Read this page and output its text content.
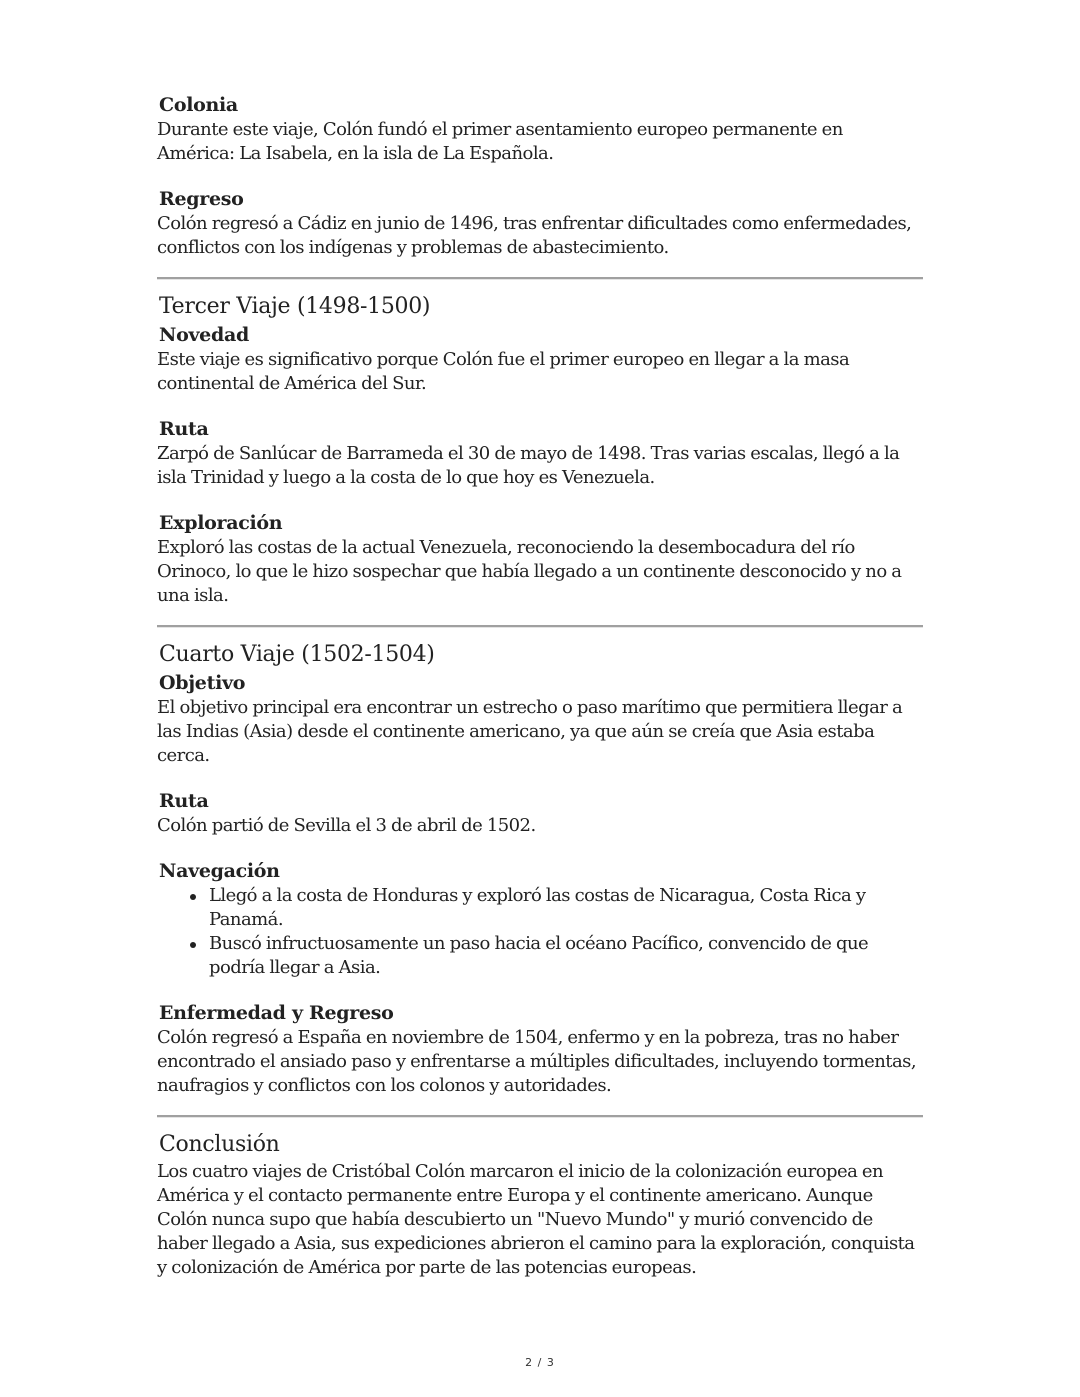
Colonia

Durante este viaje, Colón fundó el primer asentamiento europeo permanente en América: La Isabela, en la isla de La Española.

Regreso

Colón regresó a Cádiz en junio de 1496, tras enfrentar dificultades como enfermedades, conflictos con los indígenas y problemas de abastecimiento.

Tercer Viaje (1498-1500)
Novedad

Este viaje es significativo porque Colón fue el primer europeo en llegar a la masa continental de América del Sur.

Ruta

Zarpó de Sanlúcar de Barrameda el 30 de mayo de 1498. Tras varias escalas, llegó a la isla Trinidad y luego a la costa de lo que hoy es Venezuela.

Exploración

Exploró las costas de la actual Venezuela, reconociendo la desembocadura del río Orinoco, lo que le hizo sospechar que había llegado a un continente desconocido y no a una isla.

Cuarto Viaje (1502-1504)
Objetivo

El objetivo principal era encontrar un estrecho o paso marítimo que permitiera llegar a las Indias (Asia) desde el continente americano, ya que aún se creía que Asia estaba cerca.

Ruta

Colón partió de Sevilla el 3 de abril de 1502.

Navegación
Llegó a la costa de Honduras y exploró las costas de Nicaragua, Costa Rica y Panamá.
Buscó infructuosamente un paso hacia el océano Pacífico, convencido de que podría llegar a Asia.
Enfermedad y Regreso

Colón regresó a España en noviembre de 1504, enfermo y en la pobreza, tras no haber encontrado el ansiado paso y enfrentarse a múltiples dificultades, incluyendo tormentas, naufragios y conflictos con los colonos y autoridades.

Conclusión

Los cuatro viajes de Cristóbal Colón marcaron el inicio de la colonización europea en América y el contacto permanente entre Europa y el continente americano. Aunque Colón nunca supo que había descubierto un "Nuevo Mundo" y murió convencido de haber llegado a Asia, sus expediciones abrieron el camino para la exploración, conquista y colonización de América por parte de las potencias europeas.

2 / 3
